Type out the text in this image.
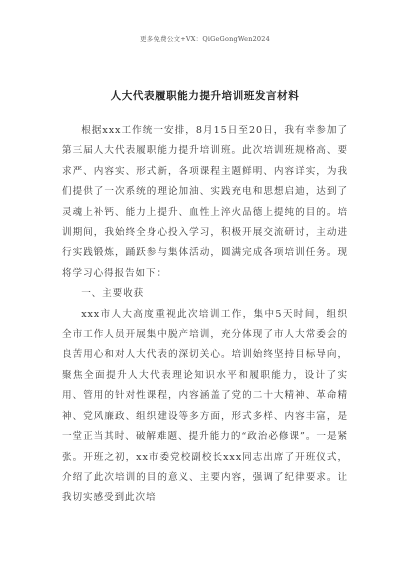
更多免费公文+VX：QiGeGongWen2024
人大代表履职能力提升培训班发言材料

根据xxx工作统一安排，8月15日至20日，我有幸参加了第三届人大代表履职能力提升培训班。此次培训班规格高、要求严、内容实、形式新，各项课程主题鲜明、内容详实，为我们提供了一次系统的理论加油、实践充电和思想启迪，达到了灵魂上补钙、能力上提升、血性上淬火品德上提纯的目的。培训期间，我始终全身心投入学习，积极开展交流研讨，主动进行实践锻炼，踊跃参与集体活动，圆满完成各项培训任务。现将学习心得报告如下：

一、主要收获

xxx市人大高度重视此次培训工作，集中5天时间，组织全市工作人员开展集中脱产培训，充分体现了市人大常委会的良苦用心和对人大代表的深切关心。培训始终坚持目标导向，聚焦全面提升人大代表理论知识水平和履职能力，设计了实用、管用的针对性课程，内容涵盖了党的二十大精神、革命精神、党风廉政、组织建设等多方面，形式多样、内容丰富，是一堂正当其时、破解难题、提升能力的“政治必修课”。一是紧张。开班之初，xx市委党校副校长xxx同志出席了开班仪式，介绍了此次培训的目的意义、主要内容，强调了纪律要求。让我切实感受到此次培
